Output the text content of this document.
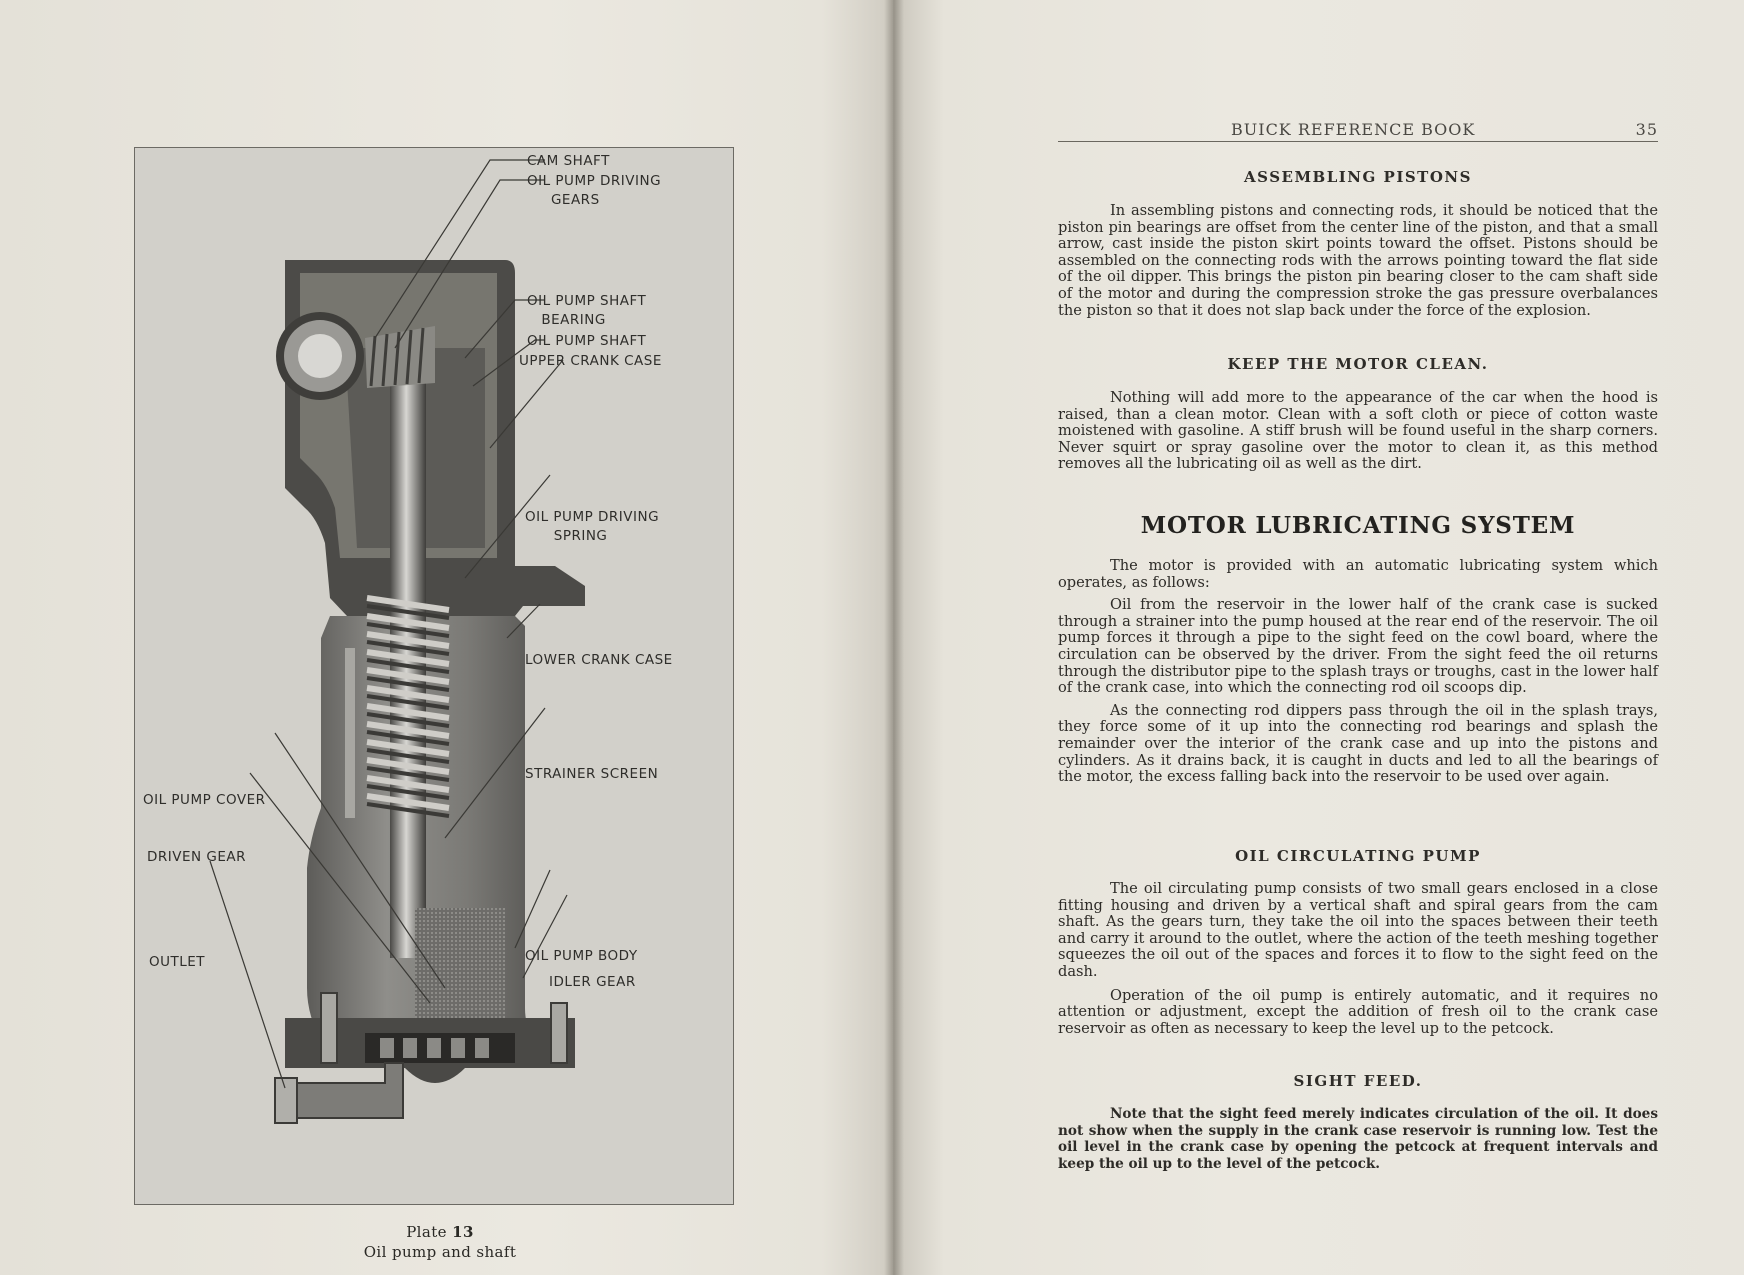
CAM SHAFT
OIL PUMP DRIVING
GEARS
OIL PUMP SHAFT
BEARING
OIL PUMP SHAFT
UPPER CRANK CASE
OIL PUMP DRIVING
SPRING
LOWER CRANK CASE
STRAINER SCREEN
OIL PUMP COVER
DRIVEN GEAR
OUTLET	OIL PUMP BODY
IDLER GEAR
Plate 13
Oil pump and shaft
BUICK REFERENCE BOOK	35
ASSEMBLING PISTONS

In assembling pistons and connecting rods, it should be noticed that the piston pin bearings are offset from the center line of the piston, and that a small arrow, cast inside the piston skirt points toward the offset. Pistons should be assembled on the connecting rods with the arrows pointing toward the flat side of the oil dipper. This brings the piston pin bearing closer to the cam shaft side of the motor and during the compression stroke the gas pressure overbalances the piston so that it does not slap back under the force of the explosion.

KEEP THE MOTOR CLEAN.

Nothing will add more to the appearance of the car when the hood is raised, than a clean motor. Clean with a soft cloth or piece of cotton waste moistened with gasoline. A stiff brush will be found useful in the sharp corners. Never squirt or spray gasoline over the motor to clean it, as this method removes all the lubricating oil as well as the dirt.

MOTOR LUBRICATING SYSTEM

The motor is provided with an automatic lubricating system which operates, as follows:

Oil from the reservoir in the lower half of the crank case is sucked through a strainer into the pump housed at the rear end of the reservoir. The oil pump forces it through a pipe to the sight feed on the cowl board, where the circulation can be observed by the driver. From the sight feed the oil returns through the distributor pipe to the splash trays or troughs, cast in the lower half of the crank case, into which the connecting rod oil scoops dip.

As the connecting rod dippers pass through the oil in the splash trays, they force some of it up into the connecting rod bearings and splash the remainder over the interior of the crank case and up into the pistons and cylinders. As it drains back, it is caught in ducts and led to all the bearings of the motor, the excess falling back into the reservoir to be used over again.

OIL CIRCULATING PUMP

The oil circulating pump consists of two small gears enclosed in a close fitting housing and driven by a vertical shaft and spiral gears from the cam shaft. As the gears turn, they take the oil into the spaces between their teeth and carry it around to the outlet, where the action of the teeth meshing together squeezes the oil out of the spaces and forces it to flow to the sight feed on the dash.

Operation of the oil pump is entirely automatic, and it requires no attention or adjustment, except the addition of fresh oil to the crank case reservoir as often as necessary to keep the level up to the petcock.

SIGHT FEED.

Note that the sight feed merely indicates circulation of the oil. It does not show when the supply in the crank case reservoir is running low. Test the oil level in the crank case by opening the petcock at frequent intervals and keep the oil up to the level of the petcock.
